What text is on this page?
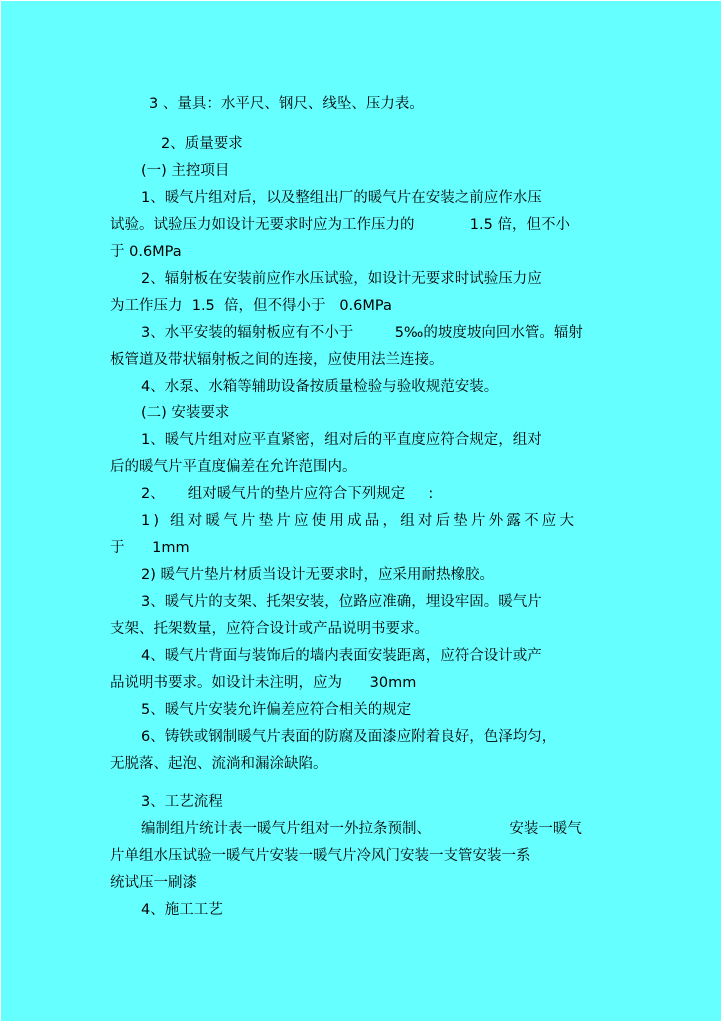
3 、量具：水平尺、钢尺、线坠、压力表。
2、质量要求
(一) 主控项目
1、暖气片组对后，以及整组出厂的暖气片在安装之前应作水压
试验。试验压力如设计无要求时应为工作压力的            1.5 倍，但不小
于 0.6MPa
2、辐射板在安装前应作水压试验，如设计无要求时试验压力应
为工作压力  1.5  倍，但不得小于   0.6MPa
3、水平安装的辐射板应有不小于         5‰的坡度坡向回水管。辐射
板管道及带状辐射板之间的连接，应使用法兰连接。
4、水泵、水箱等辅助设备按质量检验与验收规范安装。
(二) 安装要求
1、暖气片组对应平直紧密，组对后的平直度应符合规定，组对
后的暖气片平直度偏差在允许范围内。
2、     组对暖气片的垫片应符合下列规定     :
1) 组对暖气片垫片应使用成品，组对后垫片外露不应大
于      1mm
2) 暖气片垫片材质当设计无要求时，应采用耐热橡胶。
3、暖气片的支架、托架安装，位路应准确，埋设牢固。暖气片
支架、托架数量，应符合设计或产品说明书要求。
4、暖气片背面与装饰后的墙内表面安装距离，应符合设计或产
品说明书要求。如设计未注明，应为      30mm
5、暖气片安装允许偏差应符合相关的规定
6、铸铁或钢制暖气片表面的防腐及面漆应附着良好，色泽均匀，
无脱落、起泡、流淌和漏涂缺陷。
3、工艺流程
编制组片统计表一暖气片组对一外拉条预制、                 安装一暖气
片单组水压试验一暖气片安装一暖气片冷风门安装一支管安装一系
统试压一刷漆
4、施工工艺
